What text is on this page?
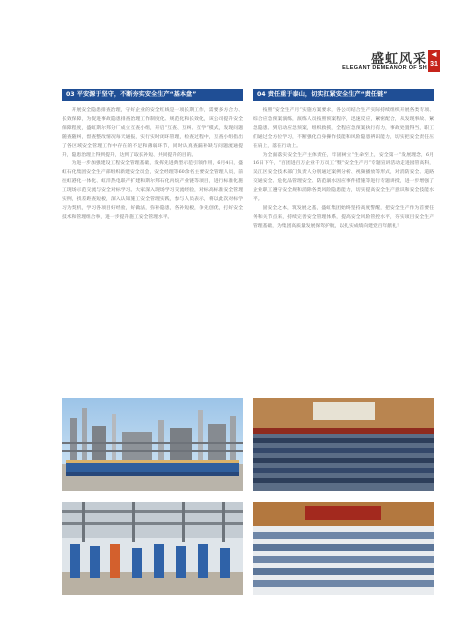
盛虹风采
ELEGANT DEMEANOR OF SH
◀
31
03 平安源于坚守，不断夯实安全生产“基本盘”

开展安全隐患排查治理，守好企业的安全红线是一项长期工作，需要多方合力、长效保障，为促进事故隐患排查治理工作制度化、规范化和长效化，该公司提升安全保障程度，盛虹斯尔邦分厂成立互查小组，开启“互查、互纠、互学”模式，发现问题随查随纠，督查整改情况每天通报，实行实时闭环管理，检查过程中，互查小组指出了各区域安全管理工作中存在的不足和薄弱环节，同时认真查漏补缺与问题流通提升，隐患治理上得到提升，达到了取长补短、共同提升的目的。

为进一步加强建设工程安全管理基础，发挥先进典型示范引领作用，6月4日，盛虹石化集团安全生产部组织新建安全员会，安全经理等60余名主要安全管理人员，前往虹港化一体化、虹洋热电联产扩建和斯尔邦石化丙烷产业链等项目，进行标准化施工现场示范交流与安全对标学习。大家深入现场学习交流经验，对标高标准安全管理实例，找差距查短板，深入认知施工安全管理实践，参与人员表示，将以此次对标学习为契机，学习各项目好经验，好做法，弥补隐患，各补短板，争先创优，打好安全技术和管理组合拳，进一步提升施工安全管理水平。

04 责任重于泰山，切实扛紧安全生产“责任链”

按照“安全生产月”实施方案要求，各公司结合生产实际持续组织开展各类专项、综合应急预案演练，演练人员按照预案程序，迅速反应，紧密配合，从发现事故、紧急隐患、到启动应急预案，组织救援，全程应急预案执行有力，事故处置得当，职工们通过全方位学习，不断强化自身操作技能和风险隐患辨识能力，切实把安全责任压在肩上，落在行动上。

为全面落实安全生产主体责任，牢固树立“生命至上，安全第一”发展理念，6月16日下午，“百团进百万企业千万员工”暨“安全生产月”专题宣讲活动走进园管高科，吴江区安全技术部门负责人分别通过案例分析、视频播放等形式，对消防安全、道路交通安全、危化品管理安全、防范溺水因应事件措施等进行专题讲授，进一步增强了企业职工遵守安全规和消除各类风险隐患能力，切实提高安全生产意识和安全技能水平。

固安全之本，筑发展之基，盛虹集团始终坚持高度警醒，把安全生产作为首要任务和关节点来，持续完善安全管理体系，提高安全风险管控水平，夯实项目安全生产管理基础，为集团高质量发展保驾护航，以扎实成绩向建党百年献礼！
